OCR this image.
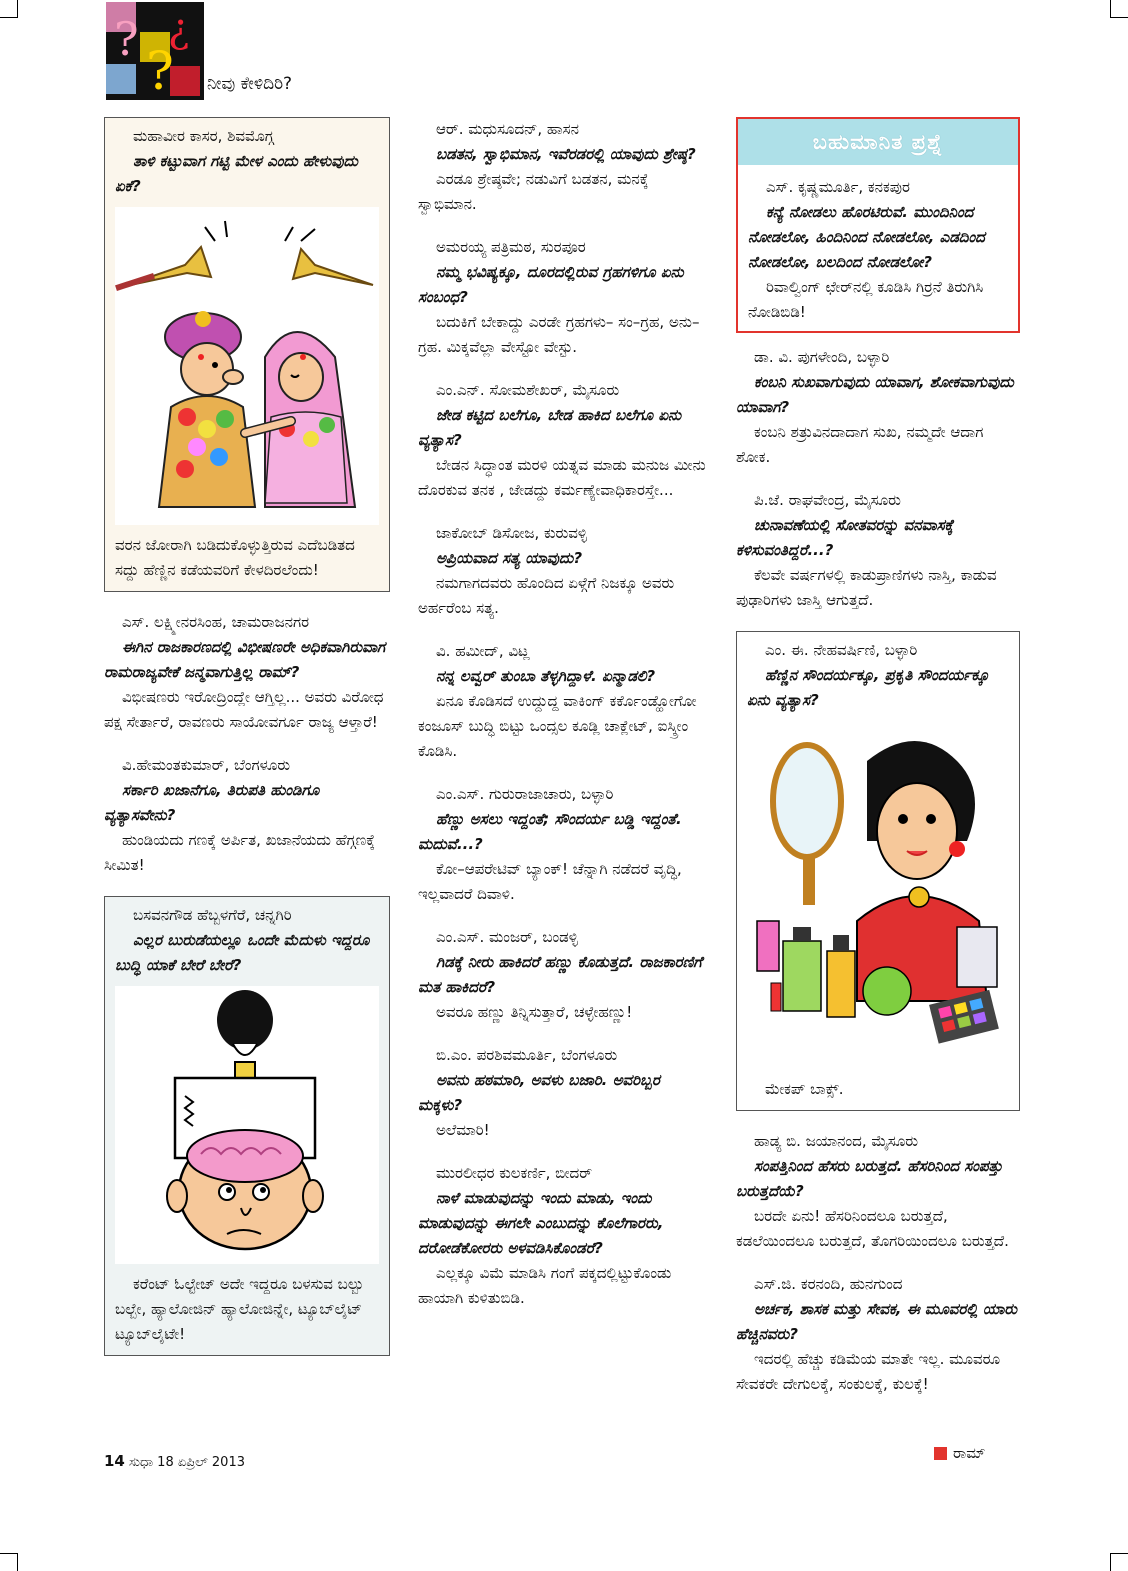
?
?
¿
ನೀವು ಕೇಳಿದಿರಿ?
ಮಹಾವೀರ ಕಾಸರ, ಶಿವಮೊಗ್ಗ
ತಾಳಿ ಕಟ್ಟುವಾಗ ಗಟ್ಟಿ ಮೇಳ ಎಂದು ಹೇಳುವುದು ಏಕೆ?
ವರನ ಜೋರಾಗಿ ಬಡಿದುಕೊಳ್ಳುತ್ತಿರುವ ಎದೆಬಡಿತದ ಸದ್ದು ಹೆಣ್ಣಿನ ಕಡೆಯವರಿಗೆ ಕೇಳದಿರಲೆಂದು!
ಎಸ್. ಲಕ್ಷ್ಮೀನರಸಿಂಹ, ಚಾಮರಾಜನಗರ
ಈಗಿನ ರಾಜಕಾರಣದಲ್ಲಿ ವಿಭೀಷಣರೇ ಅಧಿಕವಾಗಿರುವಾಗ ರಾಮರಾಜ್ಯವೇಕೆ ಜನ್ಮವಾಗುತ್ತಿಲ್ಲ ರಾಮ್?
ವಿಭೀಷಣರು ಇರೋದ್ರಿಂದ್ಲೇ ಆಗ್ತಿಲ್ಲ... ಅವರು ವಿರೋಧ ಪಕ್ಷ ಸೇರ್ತಾರೆ, ರಾವಣರು ಸಾಯೋವರ್ಗೂ ರಾಜ್ಯ ಆಳ್ತಾರೆ!
ವಿ.ಹೇಮಂತಕುಮಾರ್, ಬೆಂಗಳೂರು
ಸರ್ಕಾರಿ ಖಜಾನೆಗೂ, ತಿರುಪತಿ ಹುಂಡಿಗೂ ವ್ಯತ್ಯಾಸವೇನು?
ಹುಂಡಿಯದು ಗಣಕ್ಕೆ ಅರ್ಪಿತ, ಖಜಾನೆಯದು ಹೆಗ್ಗಣಕ್ಕೆ ಸೀಮಿತ!
ಬಸವನಗೌಡ ಹೆಬ್ಬಳಗೆರೆ, ಚನ್ನಗಿರಿ
ಎಲ್ಲರ ಬುರುಡೆಯಲ್ಲೂ ಒಂದೇ ಮೆದುಳು ಇದ್ದರೂ ಬುದ್ಧಿ ಯಾಕೆ ಬೇರೆ ಬೇರೆ?
ಕರೆಂಟ್ ಓಲ್ಟೇಜ್ ಅದೇ ಇದ್ದರೂ ಬಳಸುವ ಬಲ್ಬು ಬಲ್ಬೇ, ಹ್ಯಾಲೋಜಿನ್ ಹ್ಯಾಲೋಜಿನ್ನೇ, ಟ್ಯೂಬ್‌ಲೈಟ್ ಟ್ಯೂಬ್‌ಲೈಟೇ!
ಆರ್. ಮಧುಸೂದನ್, ಹಾಸನ
ಬಡತನ, ಸ್ವಾಭಿಮಾನ, ಇವೆರಡರಲ್ಲಿ ಯಾವುದು ಶ್ರೇಷ್ಠ?
ಎರಡೂ ಶ್ರೇಷ್ಠವೇ; ನಡುವಿಗೆ ಬಡತನ, ಮನಕ್ಕೆ ಸ್ವಾಭಿಮಾನ.
ಅಮರಯ್ಯ ಪತ್ರಿಮಠ, ಸುರಪೂರ
ನಮ್ಮ ಭವಿಷ್ಯಕ್ಕೂ, ದೂರದಲ್ಲಿರುವ ಗ್ರಹಗಳಿಗೂ ಏನು ಸಂಬಂಧ?
ಬದುಕಿಗೆ ಬೇಕಾದ್ದು ಎರಡೇ ಗ್ರಹಗಳು– ಸಂ–ಗ್ರಹ, ಅನು– ಗ್ರಹ. ಮಿಕ್ಕವೆಲ್ಲಾ ವೇಸ್ಟೋ ವೇಸ್ಟು.
ಎಂ.ಎನ್. ಸೋಮಶೇಖರ್, ಮೈಸೂರು
ಜೇಡ ಕಟ್ಟಿದ ಬಲೆಗೂ, ಬೇಡ ಹಾಕಿದ ಬಲೆಗೂ ಏನು ವ್ಯತ್ಯಾಸ?
ಬೇಡನ ಸಿದ್ಧಾಂತ ಮರಳಿ ಯತ್ನವ ಮಾಡು ಮನುಜ ಮೀನು ದೊರಕುವ ತನಕ , ಜೇಡದ್ದು ಕರ್ಮಣ್ಯೇವಾಧಿಕಾರಸ್ತೇ...
ಜಾಕೋಬ್ ಡಿಸೋಜ, ಕುರುವಳ್ಳಿ
ಅಪ್ರಿಯವಾದ ಸತ್ಯ ಯಾವುದು?
ನಮಗಾಗದವರು ಹೊಂದಿದ ಏಳ್ಗೆಗೆ ನಿಜಕ್ಕೂ ಅವರು ಅರ್ಹರೆಂಬ ಸತ್ಯ.
ವಿ. ಹಮೀದ್, ವಿಟ್ಲ
ನನ್ನ ಲವ್ವರ್ ತುಂಬಾ ತೆಳ್ಳಗಿದ್ದಾಳೆ. ಏನ್ಮಾಡಲಿ?
ಏನೂ ಕೊಡಿಸದೆ ಉದ್ದುದ್ದ ವಾಕಿಂಗ್ ಕರ್ಕೊಂಡ್ಹೋಗೋ ಕಂಜೂಸ್ ಬುದ್ಧಿ ಬಿಟ್ಟು ಒಂದ್ಸಲ ಕೂಡ್ಲಿ ಚಾಕ್ಲೇಟ್, ಐಸ್ಕ್ರೀಂ ಕೊಡಿಸಿ.
ಎಂ.ಎಸ್. ಗುರುರಾಜಾಚಾರು, ಬಳ್ಳಾರಿ
ಹೆಣ್ಣು ಅಸಲು ಇದ್ದಂತೆ; ಸೌಂದರ್ಯ ಬಡ್ಡಿ ಇದ್ದಂತೆ. ಮದುವೆ...?
ಕೋ–ಆಪರೇಟಿವ್ ಬ್ಯಾಂಕ್! ಚೆನ್ನಾಗಿ ನಡೆದರೆ ವೃದ್ಧಿ, ಇಲ್ಲವಾದರೆ ದಿವಾಳಿ.
ಎಂ.ಎಸ್. ಮಂಜರ್, ಬಂಡಳ್ಳಿ
ಗಿಡಕ್ಕೆ ನೀರು ಹಾಕಿದರೆ ಹಣ್ಣು ಕೊಡುತ್ತದೆ. ರಾಜಕಾರಣಿಗೆ ಮತ ಹಾಕಿದರೆ?
ಅವರೂ ಹಣ್ಣು ತಿನ್ನಿಸುತ್ತಾರೆ, ಚಳ್ಳೇಹಣ್ಣು!
ಬಿ.ಎಂ. ಪರಶಿವಮೂರ್ತಿ, ಬೆಂಗಳೂರು
ಅವನು ಹಠಮಾರಿ, ಅವಳು ಬಜಾರಿ. ಅವರಿಬ್ಬರ ಮಕ್ಕಳು?
ಅಲೆಮಾರಿ!
ಮುರಲೀಧರ ಕುಲಕರ್ಣಿ, ಬೀದರ್
ನಾಳೆ ಮಾಡುವುದನ್ನು ಇಂದು ಮಾಡು, ಇಂದು ಮಾಡುವುದನ್ನು ಈಗಲೇ ಎಂಬುದನ್ನು ಕೊಲೆಗಾರರು, ದರೋಡೆಕೋರರು ಅಳವಡಿಸಿಕೊಂಡರೆ?
ಎಲ್ಲಕ್ಕೂ ವಿಮೆ ಮಾಡಿಸಿ ಗಂಗೆ ಪಕ್ಕದಲ್ಲಿಟ್ಟುಕೊಂಡು ಹಾಯಾಗಿ ಕುಳಿತುಬಿಡಿ.
ಬಹುಮಾನಿತ ಪ್ರಶ್ನೆ
ಎಸ್. ಕೃಷ್ಣಮೂರ್ತಿ, ಕನಕಪುರ
ಕನ್ಯೆ ನೋಡಲು ಹೊರಟಿರುವೆ. ಮುಂದಿನಿಂದ ನೋಡಲೋ, ಹಿಂದಿನಿಂದ ನೋಡಲೋ, ಎಡದಿಂದ ನೋಡಲೋ, ಬಲದಿಂದ ನೋಡಲೋ?
ರಿವಾಲ್ವಿಂಗ್ ಛೇರ್‌ನಲ್ಲಿ ಕೂಡಿಸಿ ಗಿರ್ರನೆ ತಿರುಗಿಸಿ ನೋಡಿಬಿಡಿ!
ಡಾ. ವಿ. ಪುಗಳೇಂದಿ, ಬಳ್ಳಾರಿ
ಕಂಬನಿ ಸುಖವಾಗುವುದು ಯಾವಾಗ, ಶೋಕವಾಗುವುದು ಯಾವಾಗ?
ಕಂಬನಿ ಶತ್ರುವಿನದಾದಾಗ ಸುಖ, ನಮ್ಮದೇ ಆದಾಗ ಶೋಕ.
ಪಿ.ಜೆ. ರಾಘವೇಂದ್ರ, ಮೈಸೂರು
ಚುನಾವಣೆಯಲ್ಲಿ ಸೋತವರನ್ನು ವನವಾಸಕ್ಕೆ ಕಳಿಸುವಂತಿದ್ದರೆ...?
ಕೆಲವೇ ವರ್ಷಗಳಲ್ಲಿ ಕಾಡುಪ್ರಾಣಿಗಳು ನಾಸ್ತಿ, ಕಾಡುವ ಪುಢಾರಿಗಳು ಜಾಸ್ತಿ ಆಗುತ್ತದೆ.
ಎಂ. ಈ. ನೇಹವರ್ಷಿಣಿ, ಬಳ್ಳಾರಿ
ಹೆಣ್ಣಿನ ಸೌಂದರ್ಯಕ್ಕೂ, ಪ್ರಕೃತಿ ಸೌಂದರ್ಯಕ್ಕೂ ಏನು ವ್ಯತ್ಯಾಸ?
ಮೇಕಪ್ ಬಾಕ್ಸ್.
ಹಾಡ್ಯ ಬಿ. ಜಯಾನಂದ, ಮೈಸೂರು
ಸಂಪತ್ತಿನಿಂದ ಹೆಸರು ಬರುತ್ತದೆ. ಹೆಸರಿನಿಂದ ಸಂಪತ್ತು ಬರುತ್ತದೆಯೆ?
ಬರದೇ ಏನು! ಹೆಸರಿನಿಂದಲೂ ಬರುತ್ತದೆ, ಕಡಲೆಯಿಂದಲೂ ಬರುತ್ತದೆ, ತೊಗರಿಯಿಂದಲೂ ಬರುತ್ತದೆ.
ಎಸ್.ಜಿ. ಕರನಂದಿ, ಹುನಗುಂದ
ಅರ್ಚಕ, ಶಾಸಕ ಮತ್ತು ಸೇವಕ, ಈ ಮೂವರಲ್ಲಿ ಯಾರು ಹೆಚ್ಚಿನವರು?
ಇದರಲ್ಲಿ ಹೆಚ್ಚು ಕಡಿಮೆಯ ಮಾತೇ ಇಲ್ಲ. ಮೂವರೂ ಸೇವಕರೇ ದೇಗುಲಕ್ಕೆ, ಸಂಕುಲಕ್ಕೆ, ಕುಲಕ್ಕೆ!
14 ಸುಧಾ 18 ಏಪ್ರಿಲ್ 2013
ರಾಮ್
